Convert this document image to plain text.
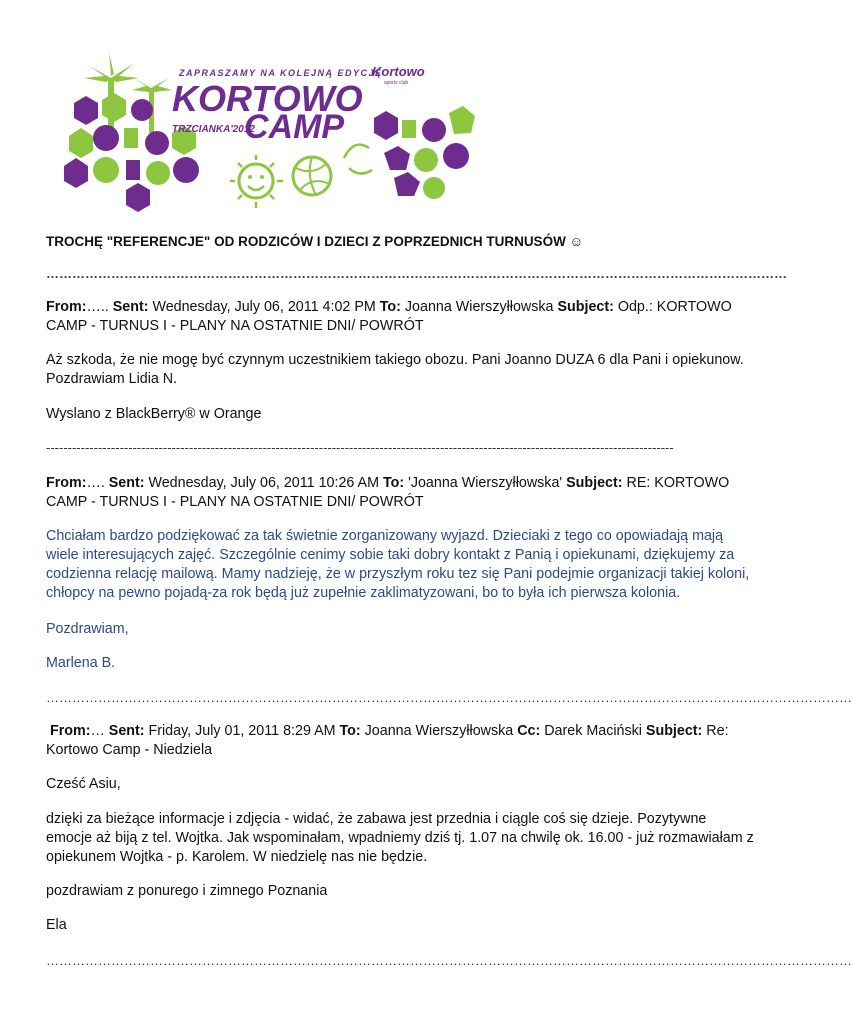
ZAPRASZAMY NA KOLEJNĄ EDYCJĘ
Kortowo
sports club
KORTOWO
TRZCIANKA'2012
CAMP

TROCHĘ "REFERENCJE" OD RODZICÓW I DZIECI Z POPRZEDNICH TURNUSÓW ☺

………………………………………………………………………………………………………………………………………………………

From:….. Sent: Wednesday, July 06, 2011 4:02 PM To: Joanna Wierszyłłowska Subject: Odp.: KORTOWO CAMP - TURNUS I - PLANY NA OSTATNIE DNI/ POWRÓT

Aż szkoda, że nie mogę być czynnym uczestnikiem takiego obozu. Pani Joanno DUZA 6 dla Pani i opiekunow. Pozdrawiam Lidia N.

Wyslano z BlackBerry® w Orange

-------------------------------------------------------------------------------------------------------------------------------------------------

From:…. Sent: Wednesday, July 06, 2011 10:26 AM To: 'Joanna Wierszyłłowska' Subject: RE: KORTOWO CAMP - TURNUS I - PLANY NA OSTATNIE DNI/ POWRÓT

Chciałam bardzo podziękować za tak świetnie zorganizowany wyjazd. Dzieciaki z tego co opowiadają mają wiele interesujących zajęć. Szczególnie cenimy sobie taki dobry kontakt z Panią i opiekunami, dziękujemy za codzienna relację mailową. Mamy nadzieję, że w przyszłym roku tez się Pani podejmie organizacji takiej koloni, chłopcy na pewno pojadą-za rok będą już zupełnie zaklimatyzowani, bo to była ich pierwsza kolonia.

Pozdrawiam,

Marlena B.

……………………………………………………………………………………………………………………………………………………………………

From:… Sent: Friday, July 01, 2011 8:29 AM To: Joanna Wierszyłłowska Cc: Darek Maciński Subject: Re: Kortowo Camp - Niedziela

Cześć Asiu,

dzięki za bieżące informacje i zdjęcia - widać, że zabawa jest przednia i ciągle coś się dzieje. Pozytywne emocje aż biją z tel. Wojtka. Jak wspominałam, wpadniemy dziś tj. 1.07 na chwilę ok. 16.00 - już rozmawiałam z opiekunem Wojtka - p. Karolem. W niedzielę nas nie będzie.

pozdrawiam z ponurego i zimnego Poznania

Ela

……………………………………………………………………………………………………………………………………………………………………
